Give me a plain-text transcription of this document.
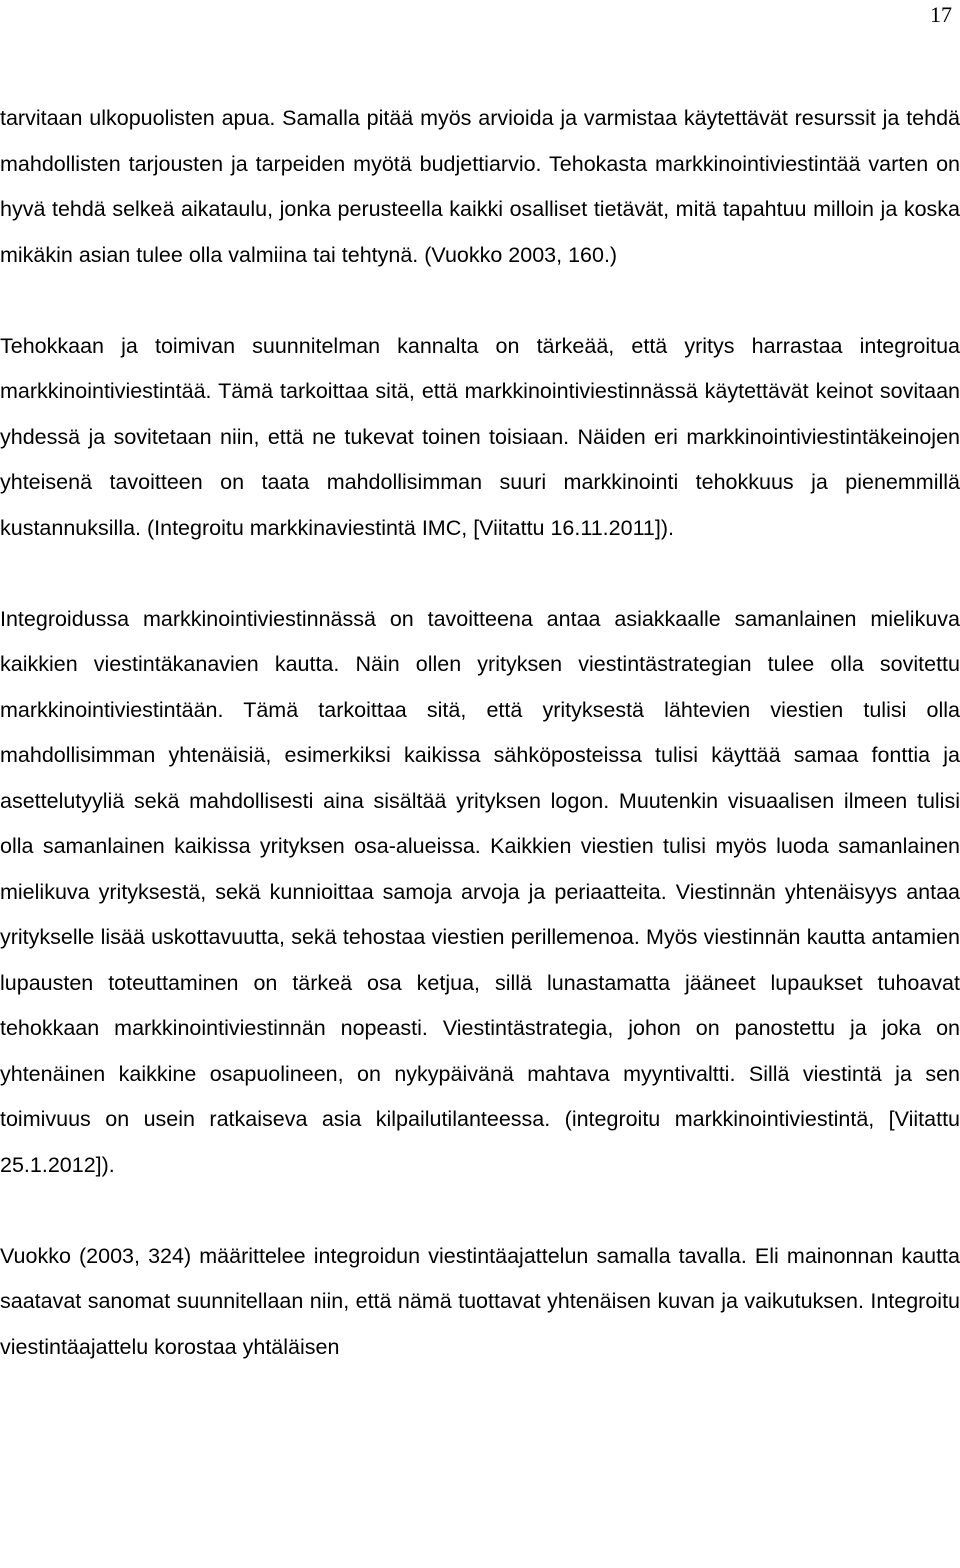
17

tarvitaan ulkopuolisten apua. Samalla pitää myös arvioida ja varmistaa käytettävät resurssit ja tehdä mahdollisten tarjousten ja tarpeiden myötä budjettiarvio. Tehokasta markkinointiviestintää varten on hyvä tehdä selkeä aikataulu, jonka perusteella kaikki osalliset tietävät, mitä tapahtuu milloin ja koska mikäkin asian tulee olla valmiina tai tehtynä. (Vuokko 2003, 160.)

Tehokkaan ja toimivan suunnitelman kannalta on tärkeää, että yritys harrastaa integroitua markkinointiviestintää. Tämä tarkoittaa sitä, että markkinointiviestinnässä käytettävät keinot sovitaan yhdessä ja sovitetaan niin, että ne tukevat toinen toisiaan. Näiden eri markkinointiviestintäkeinojen yhteisenä tavoitteen on taata mahdollisimman suuri markkinointi tehokkuus ja pienemmillä kustannuksilla. (Integroitu markkinaviestintä IMC, [Viitattu 16.11.2011]).

Integroidussa markkinointiviestinnässä on tavoitteena antaa asiakkaalle samanlainen mielikuva kaikkien viestintäkanavien kautta. Näin ollen yrityksen viestintästrategian tulee olla sovitettu markkinointiviestintään. Tämä tarkoittaa sitä, että yrityksestä lähtevien viestien tulisi olla mahdollisimman yhtenäisiä, esimerkiksi kaikissa sähköposteissa tulisi käyttää samaa fonttia ja asettelutyyliä sekä mahdollisesti aina sisältää yrityksen logon. Muutenkin visuaalisen ilmeen tulisi olla samanlainen kaikissa yrityksen osa-alueissa. Kaikkien viestien tulisi myös luoda samanlainen mielikuva yrityksestä, sekä kunnioittaa samoja arvoja ja periaatteita. Viestinnän yhtenäisyys antaa yritykselle lisää uskottavuutta, sekä tehostaa viestien perillemenoa. Myös viestinnän kautta antamien lupausten toteuttaminen on tärkeä osa ketjua, sillä lunastamatta jääneet lupaukset tuhoavat tehokkaan markkinointiviestinnän nopeasti. Viestintästrategia, johon on panostettu ja joka on yhtenäinen kaikkine osapuolineen, on nykypäivänä mahtava myyntivaltti. Sillä viestintä ja sen toimivuus on usein ratkaiseva asia kilpailutilanteessa. (integroitu markkinointiviestintä, [Viitattu 25.1.2012]).

Vuokko (2003, 324) määrittelee integroidun viestintäajattelun samalla tavalla. Eli mainonnan kautta saatavat sanomat suunnitellaan niin, että nämä tuottavat yhtenäisen kuvan ja vaikutuksen. Integroitu viestintäajattelu korostaa yhtäläisen
